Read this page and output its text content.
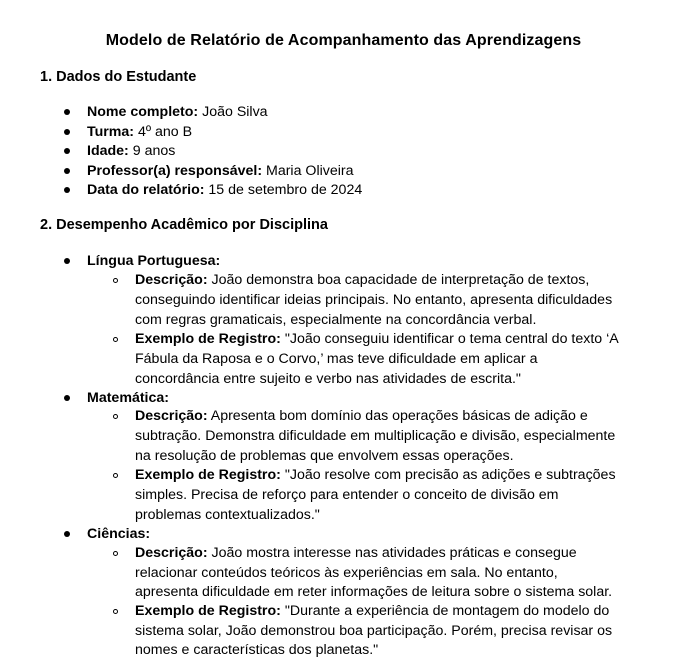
Modelo de Relatório de Acompanhamento das Aprendizagens
1. Dados do Estudante
Nome completo: João Silva
Turma: 4º ano B
Idade: 9 anos
Professor(a) responsável: Maria Oliveira
Data do relatório: 15 de setembro de 2024
2. Desempenho Acadêmico por Disciplina
Língua Portuguesa:
Descrição: João demonstra boa capacidade de interpretação de textos,
conseguindo identificar ideias principais. No entanto, apresenta dificuldades
com regras gramaticais, especialmente na concordância verbal.
Exemplo de Registro: "João conseguiu identificar o tema central do texto ‘A
Fábula da Raposa e o Corvo,’ mas teve dificuldade em aplicar a
concordância entre sujeito e verbo nas atividades de escrita."
Matemática:
Descrição: Apresenta bom domínio das operações básicas de adição e
subtração. Demonstra dificuldade em multiplicação e divisão, especialmente
na resolução de problemas que envolvem essas operações.
Exemplo de Registro: "João resolve com precisão as adições e subtrações
simples. Precisa de reforço para entender o conceito de divisão em
problemas contextualizados."
Ciências:
Descrição: João mostra interesse nas atividades práticas e consegue
relacionar conteúdos teóricos às experiências em sala. No entanto,
apresenta dificuldade em reter informações de leitura sobre o sistema solar.
Exemplo de Registro: "Durante a experiência de montagem do modelo do
sistema solar, João demonstrou boa participação. Porém, precisa revisar os
nomes e características dos planetas."
